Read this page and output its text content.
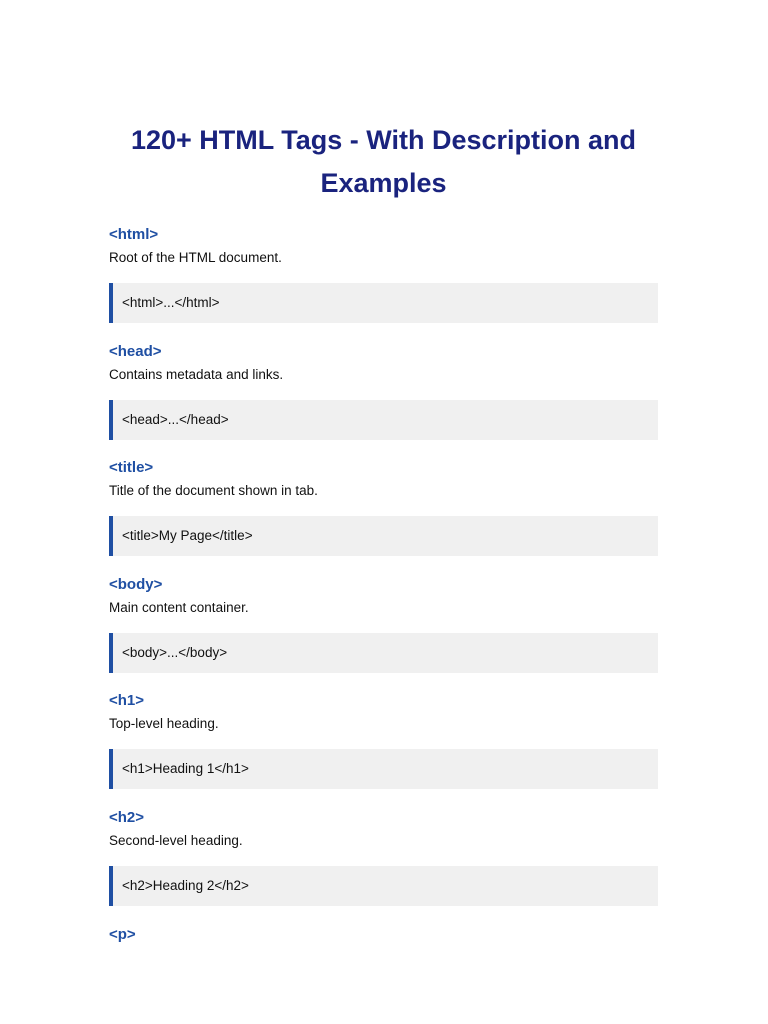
120+ HTML Tags - With Description and Examples
<html>

Root of the HTML document.

<html>...</html>
<head>

Contains metadata and links.

<head>...</head>
<title>

Title of the document shown in tab.

<title>My Page</title>
<body>

Main content container.

<body>...</body>
<h1>

Top-level heading.

<h1>Heading 1</h1>
<h2>

Second-level heading.

<h2>Heading 2</h2>
<p>
